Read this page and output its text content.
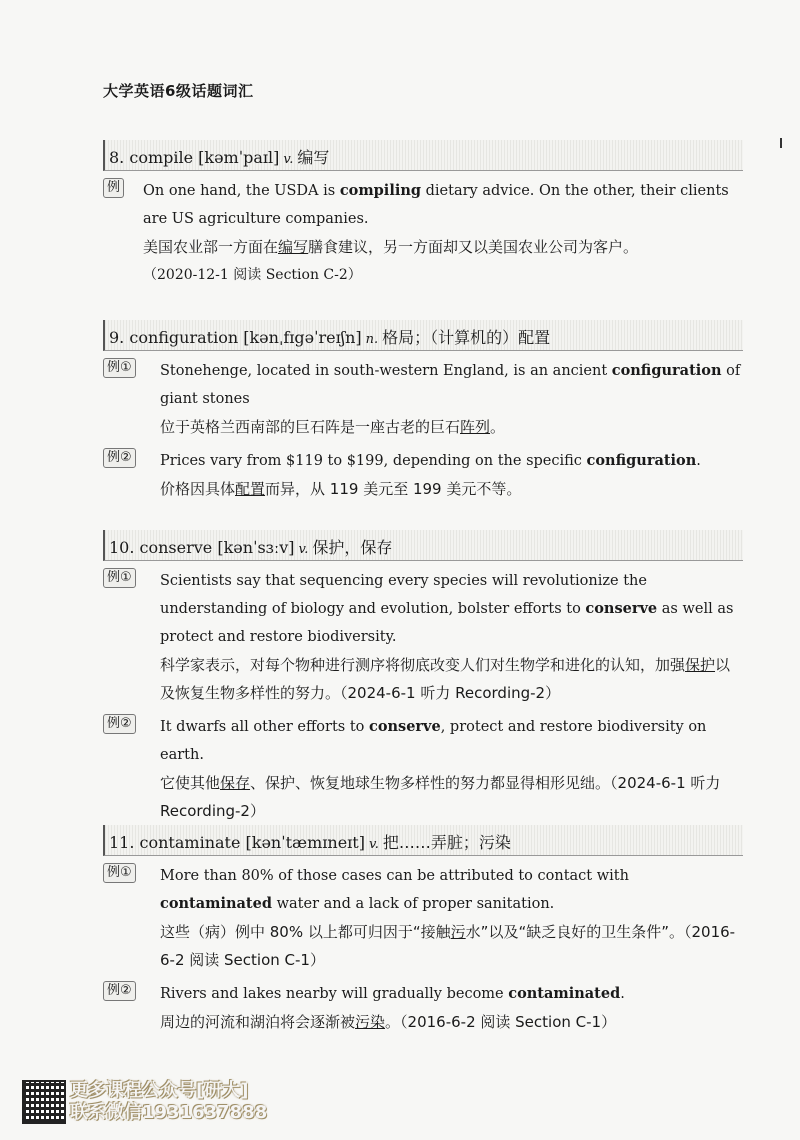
大学英语6级话题词汇
8. compile [kəmˈpaɪl] v. 编写
例 On one hand, the USDA is compiling dietary advice. On the other, their clients are US agriculture companies.
美国农业部一方面在编写膳食建议，另一方面却又以美国农业公司为客户。
（2020-12-1 阅读 Section C-2）
9. configuration [kənˌfɪgəˈreɪʃn] n. 格局；（计算机的）配置
例① Stonehenge, located in south-western England, is an ancient configuration of giant stones
位于英格兰西南部的巨石阵是一座古老的巨石阵列。
例② Prices vary from $119 to $199, depending on the specific configuration.
价格因具体配置而异，从 119 美元至 199 美元不等。
10. conserve [kənˈsɜːv] v. 保护，保存
例① Scientists say that sequencing every species will revolutionize the understanding of biology and evolution, bolster efforts to conserve as well as protect and restore biodiversity.
科学家表示，对每个物种进行测序将彻底改变人们对生物学和进化的认知，加强保护以及恢复生物多样性的努力。（2024-6-1 听力 Recording-2）
例② It dwarfs all other efforts to conserve, protect and restore biodiversity on earth.
它使其他保存、保护、恢复地球生物多样性的努力都显得相形见绌。（2024-6-1 听力 Recording-2）
11. contaminate [kənˈtæmɪneɪt] v. 把……弄脏；污染
例① More than 80% of those cases can be attributed to contact with contaminated water and a lack of proper sanitation.
这些（病）例中 80% 以上都可归因于“接触污水”以及“缺乏良好的卫生条件”。（2016-6-2 阅读 Section C-1）
例② Rivers and lakes nearby will gradually become contaminated.
周边的河流和湖泊将会逐渐被污染。（2016-6-2 阅读 Section C-1）
更多课程公众号[研大]
联系微信1931637888
